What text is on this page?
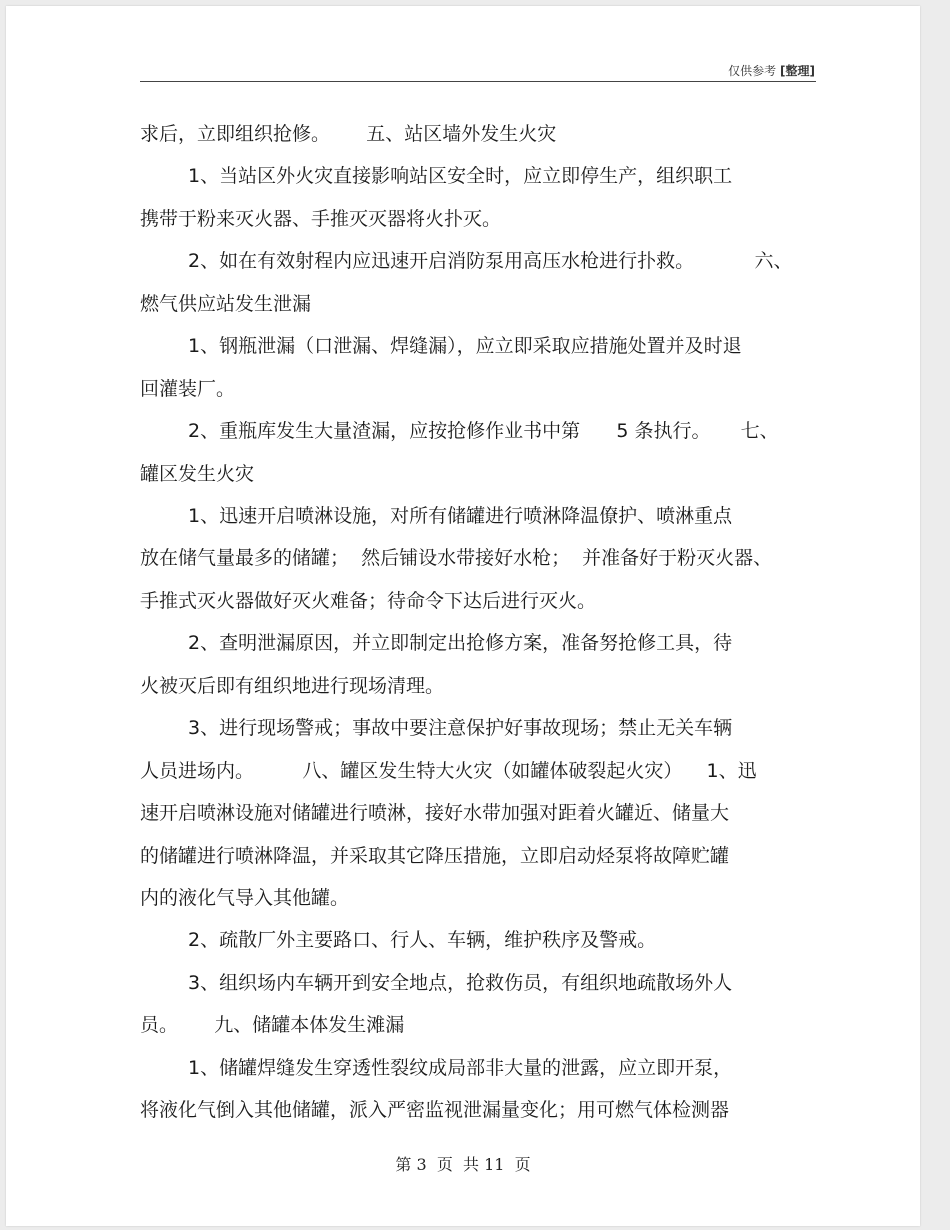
仅供参考 [整理]
求后，立即组织抢修。      五、站区墙外发生火灾
1、当站区外火灾直接影响站区安全时，应立即停生产，组织职工
携带于粉来灭火器、手推灭灭器将火扑灭。
2、如在有效射程内应迅速开启消防泵用高压水枪进行扑救。          六、
燃气供应站发生泄漏
1、钢瓶泄漏（口泄漏、焊缝漏），应立即采取应措施处置并及时退
回灌装厂。
2、重瓶库发生大量渣漏，应按抢修作业书中第      5 条执行。     七、
罐区发生火灾
1、迅速开启喷淋设施，对所有储罐进行喷淋降温僚护、喷淋重点
放在储气量最多的储罐；  然后铺设水带接好水枪；  并准备好于粉灭火器、
手推式灭火器做好灭火难备；待命令下达后进行灭火。
2、查明泄漏原因，并立即制定出抢修方案，准备努抢修工具，待
火被灭后即有组织地进行现场清理。
3、进行现场警戒；事故中要注意保护好事故现场；禁止无关车辆
人员进场内。        八、罐区发生特大火灾（如罐体破裂起火灾）    1、迅
速开启喷淋设施对储罐进行喷淋，接好水带加强对距着火罐近、储量大
的储罐进行喷淋降温，并采取其它降压措施，立即启动烃泵将故障贮罐
内的液化气导入其他罐。
2、疏散厂外主要路口、行人、车辆，维护秩序及警戒。
3、组织场内车辆开到安全地点，抢救伤员，有组织地疏散场外人
员。      九、储罐本体发生滩漏
1、储罐焊缝发生穿透性裂纹成局部非大量的泄露，应立即开泵，
将液化气倒入其他储罐，派入严密监视泄漏量变化；用可燃气体检测器
第 3  页  共 11  页
